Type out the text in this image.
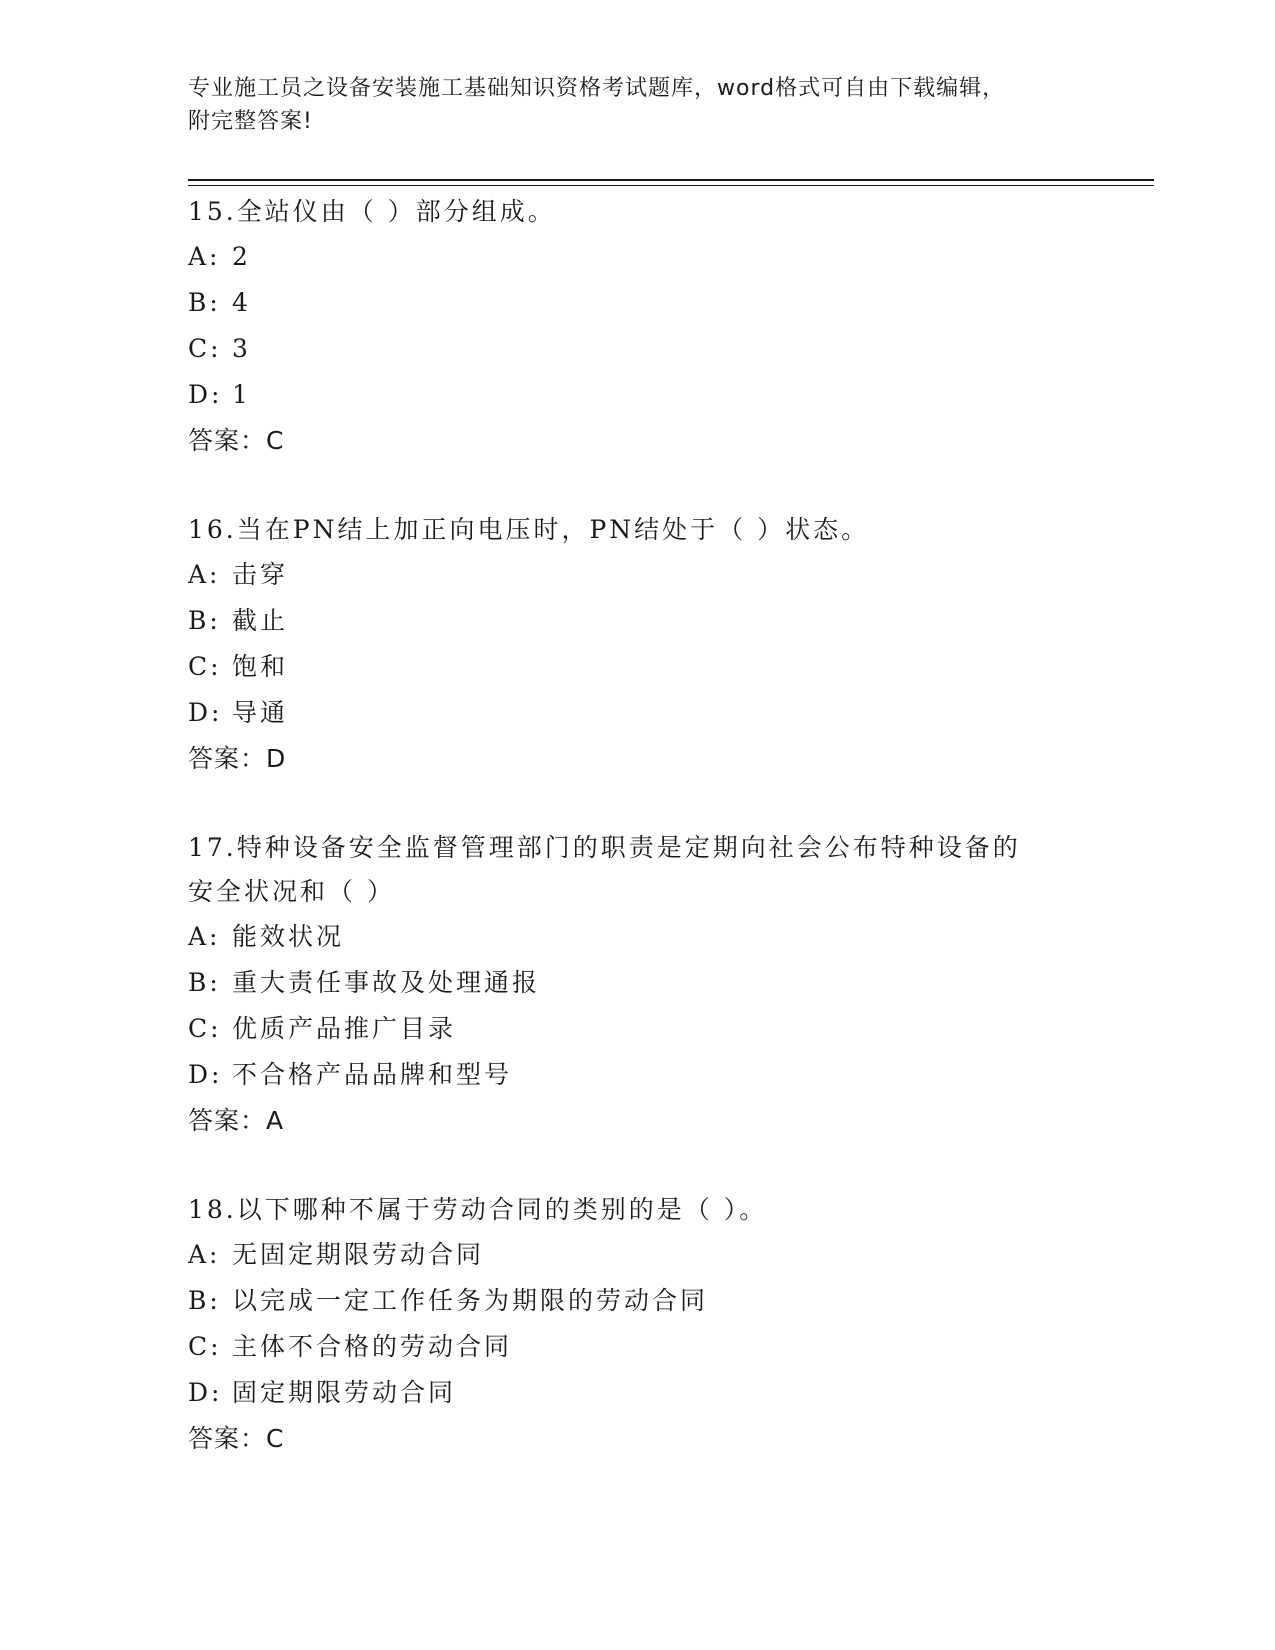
专业施工员之设备安装施工基础知识资格考试题库，word格式可自由下载编辑，
附完整答案!
15.全站仪由（ ）部分组成。
A: 2
B: 4
C: 3
D: 1
答案：C
16.当在PN结上加正向电压时，PN结处于（ ）状态。
A: 击穿
B: 截止
C: 饱和
D: 导通
答案：D
17.特种设备安全监督管理部门的职责是定期向社会公布特种设备的安全状况和（ ）
A: 能效状况
B: 重大责任事故及处理通报
C: 优质产品推广目录
D: 不合格产品品牌和型号
答案：A
18.以下哪种不属于劳动合同的类别的是（ ）。
A: 无固定期限劳动合同
B: 以完成一定工作任务为期限的劳动合同
C: 主体不合格的劳动合同
D: 固定期限劳动合同
答案：C
